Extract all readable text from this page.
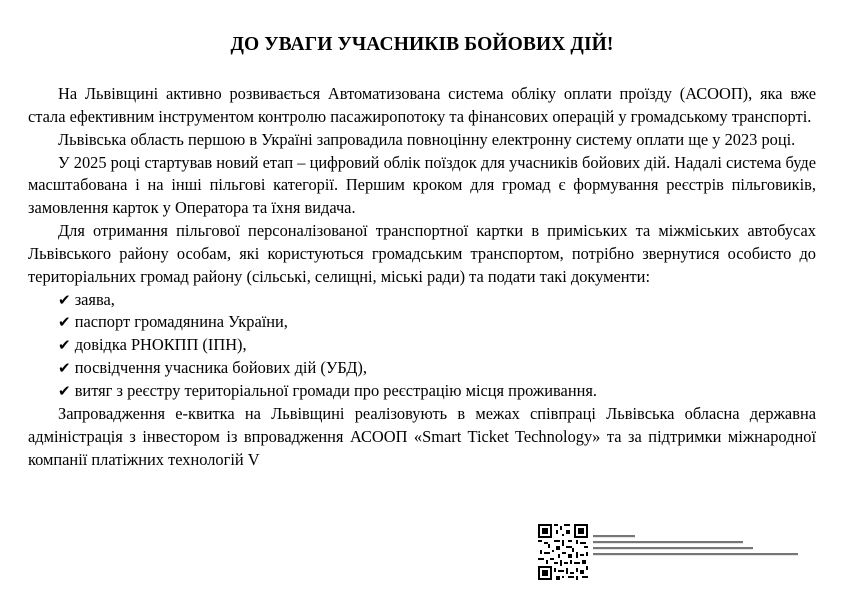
ДО УВАГИ УЧАСНИКІВ БОЙОВИХ ДІЙ!

На Львівщині активно розвивається Автоматизована система обліку оплати проїзду (АСООП), яка вже стала ефективним інструментом контролю пасажиропотоку та фінансових операцій у громадському транспорті.

Львівська область першою в Україні запровадила повноцінну електронну систему оплати ще у 2023 році.

У 2025 році стартував новий етап – цифровий облік поїздок для учасників бойових дій. Надалі система буде масштабована і на інші пільгові категорії. Першим кроком для громад є формування реєстрів пільговиків, замовлення карток у Оператора та їхня видача.

Для отримання пільгової персоналізованої транспортної картки в приміських та міжміських автобусах Львівського району особам, які користуються громадським транспортом, потрібно звернутися особисто до територіальних громад району (сільські, селищні, міські ради) та подати такі документи:

✔ заява,

✔ паспорт громадянина України,

✔ довідка РНОКПП (ІПН),

✔ посвідчення учасника бойових дій (УБД),

✔ витяг з реєстру територіальної громади про реєстрацію місця проживання.

Запровадження е-квитка на Львівщині реалізовують в межах співпраці Львівська обласна державна адміністрація з інвестором із впровадження АСООП «Smart Ticket Technology» та за підтримки міжнародної компанії платіжних технологій V
